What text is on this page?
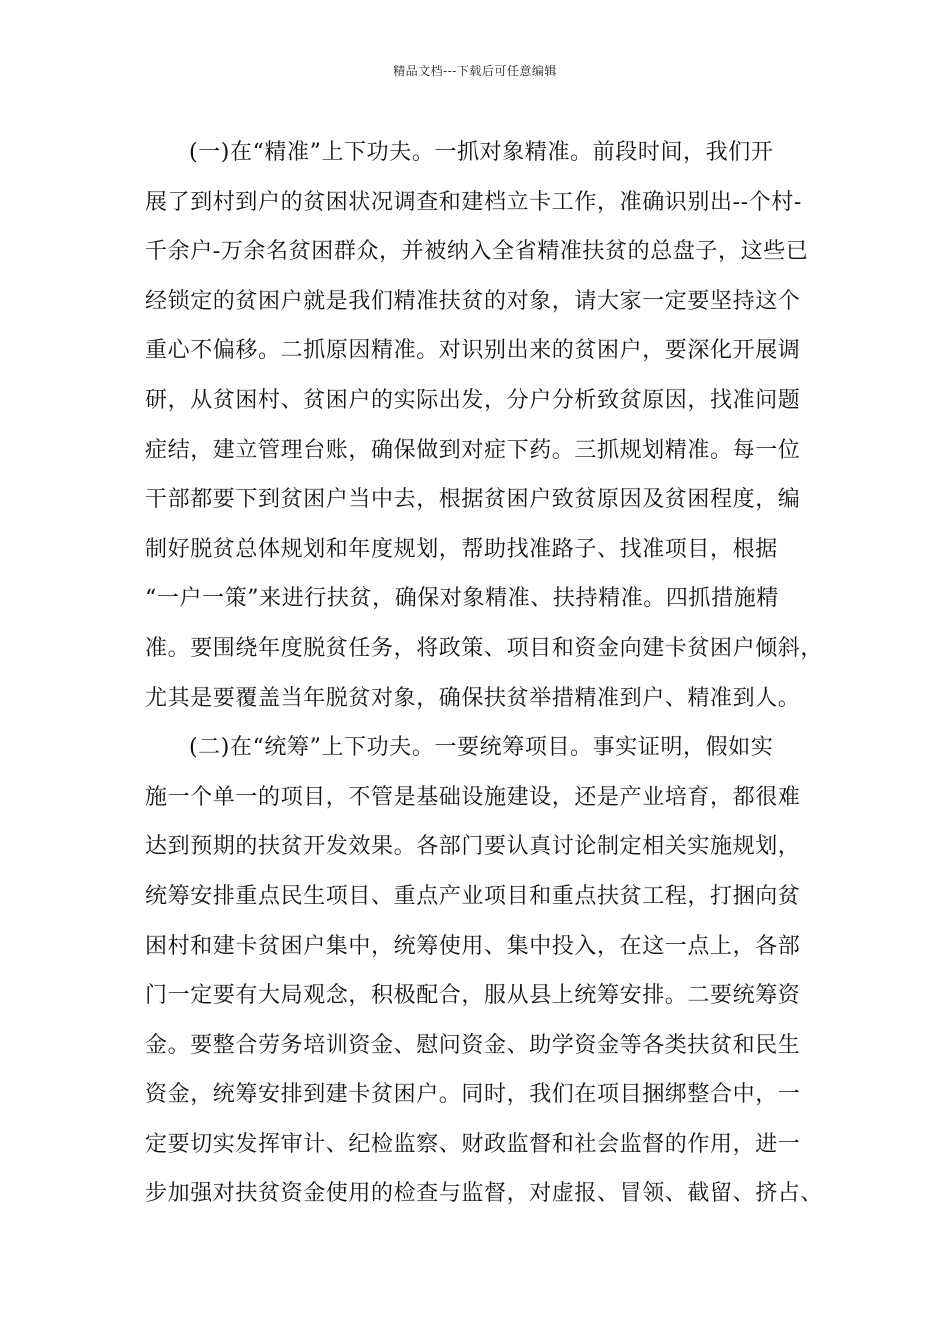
精品文档---下载后可任意编辑
(一)在“精准”上下功夫。一抓对象精准。前段时间，我们开
展了到村到户的贫困状况调查和建档立卡工作，准确识别出--个村-
千余户-万余名贫困群众，并被纳入全省精准扶贫的总盘子，这些已
经锁定的贫困户就是我们精准扶贫的对象，请大家一定要坚持这个
重心不偏移。二抓原因精准。对识别出来的贫困户，要深化开展调
研，从贫困村、贫困户的实际出发，分户分析致贫原因，找准问题
症结，建立管理台账，确保做到对症下药。三抓规划精准。每一位
干部都要下到贫困户当中去，根据贫困户致贫原因及贫困程度，编
制好脱贫总体规划和年度规划，帮助找准路子、找准项目，根据
“一户一策”来进行扶贫，确保对象精准、扶持精准。四抓措施精
准。要围绕年度脱贫任务，将政策、项目和资金向建卡贫困户倾斜，
尤其是要覆盖当年脱贫对象，确保扶贫举措精准到户、精准到人。
(二)在“统筹”上下功夫。一要统筹项目。事实证明，假如实
施一个单一的项目，不管是基础设施建设，还是产业培育，都很难
达到预期的扶贫开发效果。各部门要认真讨论制定相关实施规划，
统筹安排重点民生项目、重点产业项目和重点扶贫工程，打捆向贫
困村和建卡贫困户集中，统筹使用、集中投入，在这一点上，各部
门一定要有大局观念，积极配合，服从县上统筹安排。二要统筹资
金。要整合劳务培训资金、慰问资金、助学资金等各类扶贫和民生
资金，统筹安排到建卡贫困户。同时，我们在项目捆绑整合中，一
定要切实发挥审计、纪检监察、财政监督和社会监督的作用，进一
步加强对扶贫资金使用的检查与监督，对虚报、冒领、截留、挤占、
